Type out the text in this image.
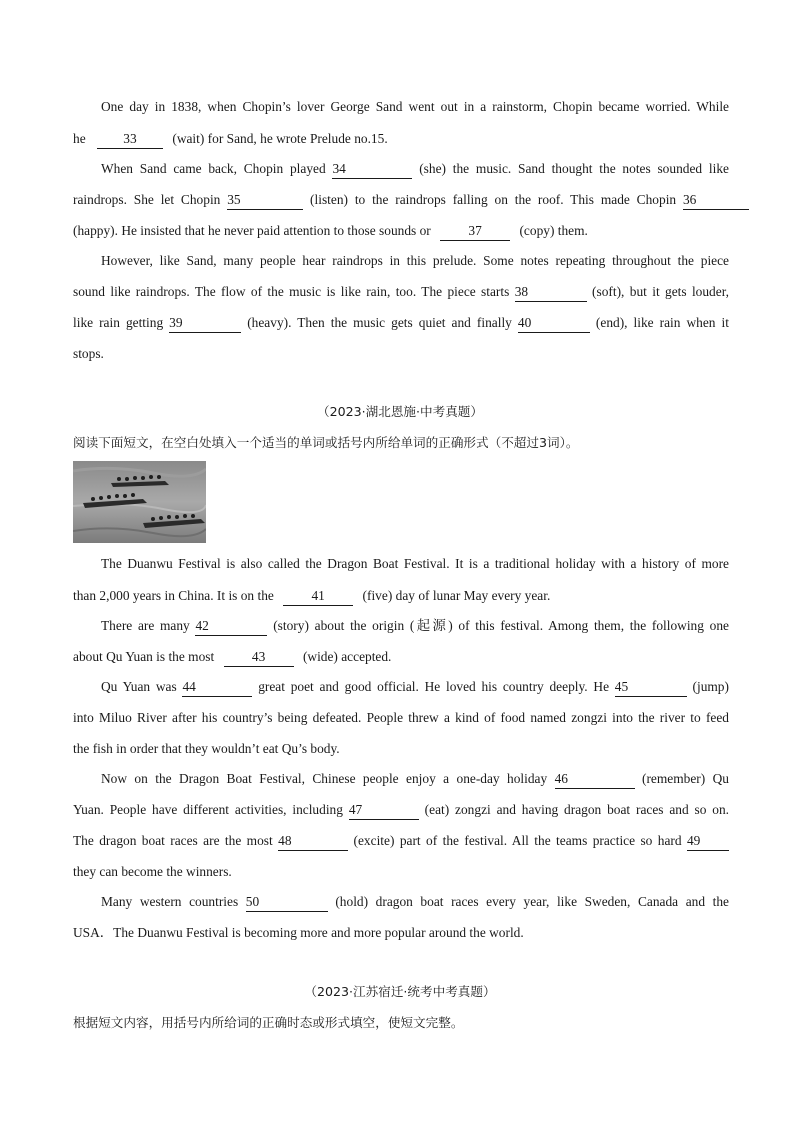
One day in 1838, when Chopin’s lover George Sand went out in a rainstorm, Chopin became worried. While
he	33	(wait) for Sand, he wrote Prelude no.15.
When Sand came back, Chopin played 34	(she) the music. Sand thought the notes sounded like
raindrops. She let Chopin 35	(listen) to the raindrops falling on the roof. This made Chopin 36
(happy). He insisted that he never paid attention to those sounds or	37	(copy) them.
However, like Sand, many people hear raindrops in this prelude. Some notes repeating throughout the piece
sound like raindrops. The flow of the music is like rain, too. The piece starts 38	(soft), but it gets louder,
like rain getting 39	(heavy). Then the music gets quiet and finally 40	(end), like rain when it
stops.
（2023·湖北恩施·中考真题）
阅读下面短文，在空白处填入一个适当的单词或括号内所给单词的正确形式（不超过3词）。
The Duanwu Festival is also called the Dragon Boat Festival. It is a traditional holiday with a history of more
than 2,000 years in China. It is on the	41	(five) day of lunar May every year.
There are many 42	(story) about the origin (起源) of this festival. Among them, the following one
about Qu Yuan is the most	43	(wide) accepted.
Qu Yuan was 44	great poet and good official. He loved his country deeply. He 45	(jump)
into Miluo River after his country’s being defeated. People threw a kind of food named zongzi into the river to feed
the fish in order that they wouldn’t eat Qu’s body.
Now on the Dragon Boat Festival, Chinese people enjoy a one-day holiday 46	(remember) Qu
Yuan. People have different activities, including 47	(eat) zongzi and having dragon boat races and so on.
The dragon boat races are the most 48	(excite) part of the festival. All the teams practice so hard 49
they can become the winners.
Many western countries 50	(hold) dragon boat races every year, like Sweden, Canada and the
USA．The Duanwu Festival is becoming more and more popular around the world.
（2023·江苏宿迁·统考中考真题）
根据短文内容，用括号内所给词的正确时态或形式填空，使短文完整。
